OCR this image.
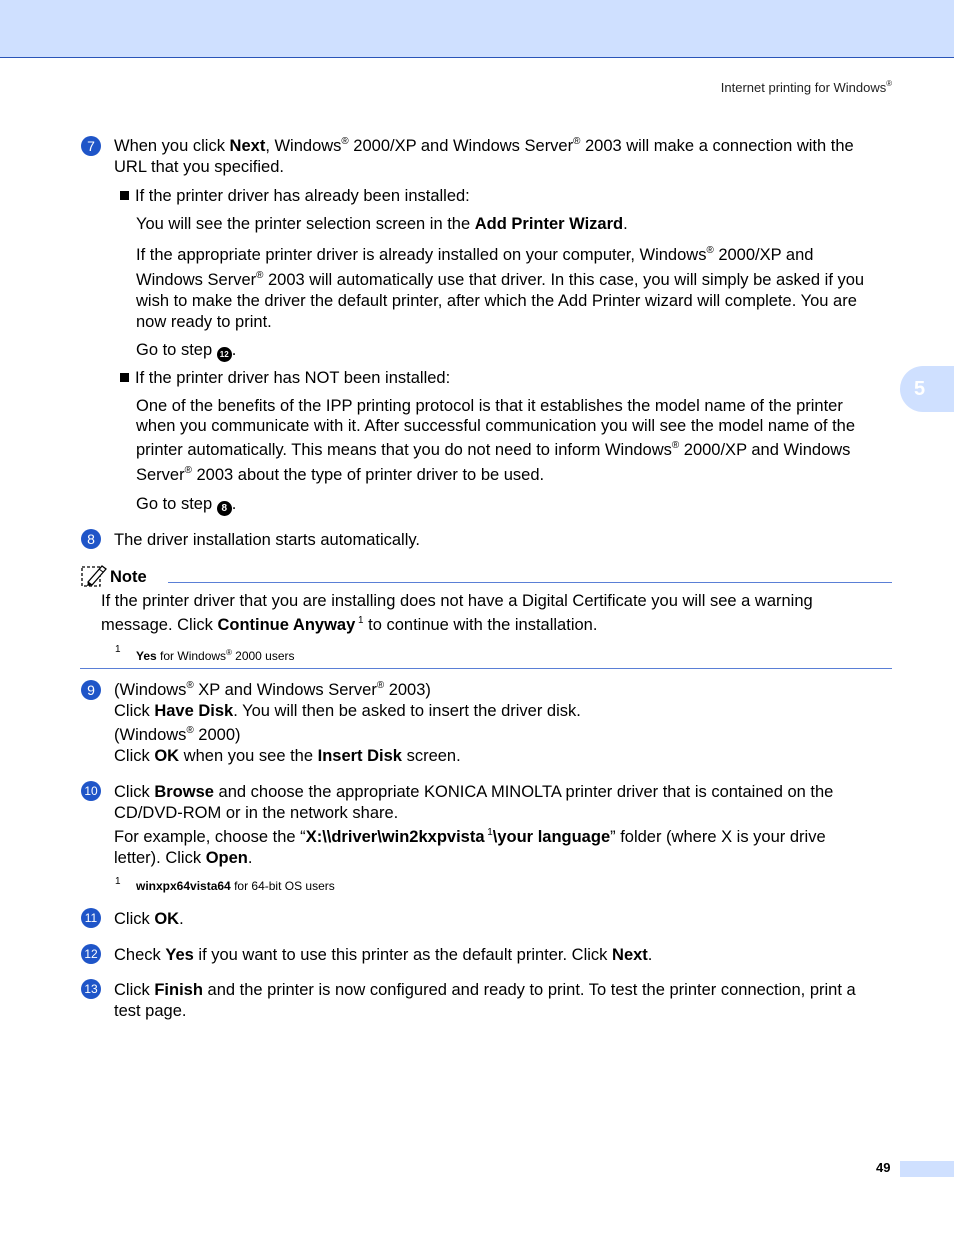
Internet printing for Windows®
5
7	When you click Next, Windows® 2000/XP and Windows Server® 2003 will make a connection with the

URL that you specified.

If the printer driver has already been installed:

You will see the printer selection screen in the Add Printer Wizard.

If the appropriate printer driver is already installed on your computer, Windows® 2000/XP and

Windows Server® 2003 will automatically use that driver. In this case, you will simply be asked if you

wish to make the driver the default printer, after which the Add Printer wizard will complete. You are

now ready to print.

Go to step 12 .

If the printer driver has NOT been installed:

One of the benefits of the IPP printing protocol is that it establishes the model name of the printer

when you communicate with it. After successful communication you will see the model name of the

printer automatically. This means that you do not need to inform Windows® 2000/XP and Windows

Server® 2003 about the type of printer driver to be used.

Go to step 8 .

8	The driver installation starts automatically.

Note

If the printer driver that you are installing does not have a Digital Certificate you will see a warning

message. Click Continue Anyway $^1$ to continue with the installation.

1 Yes for Windows® 2000 users

9	(Windows® XP and Windows Server® 2003)

Click Have Disk. You will then be asked to insert the driver disk.

(Windows® 2000)

Click OK when you see the Insert Disk screen.

10 Click Browse and choose the appropriate KONICA MINOLTA printer driver that is contained on the

CD/DVD-ROM or in the network share.

For example, choose the “X:\\driver\win2kxpvista $^1$\your language” folder (where X is your drive

letter). Click Open.

1 winxpx64vista64 for 64-bit OS users

11 Click OK.

12 Check Yes if you want to use this printer as the default printer. Click Next.

13 Click Finish and the printer is now configured and ready to print. To test the printer connection, print a

test page.

49
